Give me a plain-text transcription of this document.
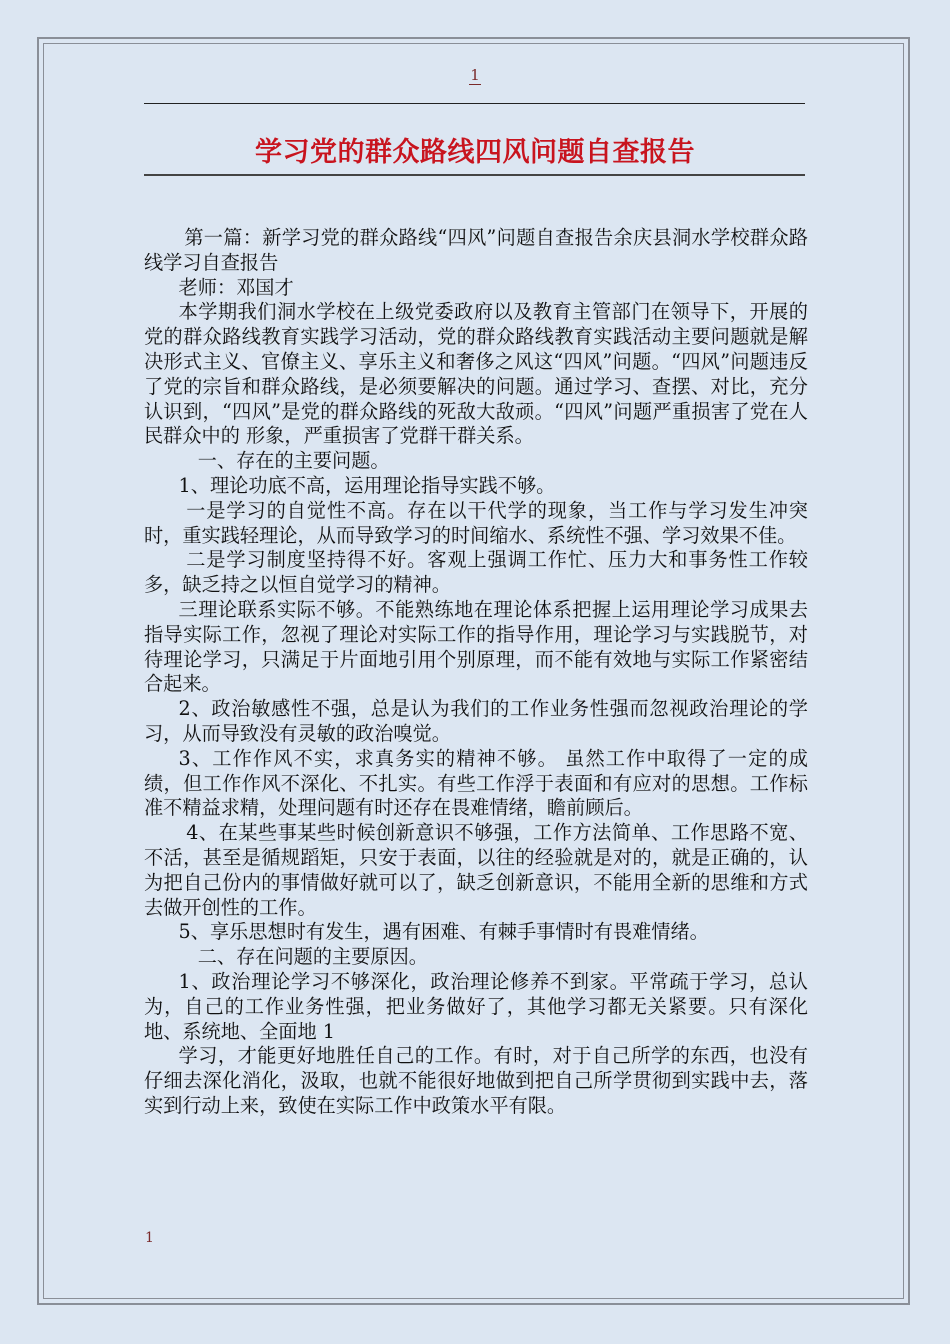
1
学习党的群众路线四风问题自查报告

第一篇：新学习党的群众路线“四风”问题自查报告余庆县洞水学校群众路线学习自查报告

老师：邓国才

本学期我们洞水学校在上级党委政府以及教育主管部门在领导下，开展的党的群众路线教育实践学习活动，党的群众路线教育实践活动主要问题就是解决形式主义、官僚主义、享乐主义和奢侈之风这“四风”问题。“四风”问题违反了党的宗旨和群众路线，是必须要解决的问题。通过学习、查摆、对比，充分认识到，“四风”是党的群众路线的死敌大敌顽。“四风”问题严重损害了党在人民群众中的 形象，严重损害了党群干群关系。

一、存在的主要问题。

1、理论功底不高，运用理论指导实践不够。

一是学习的自觉性不高。存在以干代学的现象，当工作与学习发生冲突时，重实践轻理论，从而导致学习的时间缩水、系统性不强、学习效果不佳。

二是学习制度坚持得不好。客观上强调工作忙、压力大和事务性工作较多，缺乏持之以恒自觉学习的精神。

三理论联系实际不够。不能熟练地在理论体系把握上运用理论学习成果去指导实际工作，忽视了理论对实际工作的指导作用，理论学习与实践脱节，对待理论学习，只满足于片面地引用个别原理，而不能有效地与实际工作紧密结合起来。

2、政治敏感性不强，总是认为我们的工作业务性强而忽视政治理论的学习，从而导致没有灵敏的政治嗅觉。

3、工作作风不实，求真务实的精神不够。 虽然工作中取得了一定的成绩，但工作作风不深化、不扎实。有些工作浮于表面和有应对的思想。工作标准不精益求精，处理问题有时还存在畏难情绪，瞻前顾后。

4、在某些事某些时候创新意识不够强，工作方法简单、工作思路不宽、不活，甚至是循规蹈矩，只安于表面，以往的经验就是对的，就是正确的，认为把自己份内的事情做好就可以了，缺乏创新意识，不能用全新的思维和方式去做开创性的工作。

5、享乐思想时有发生，遇有困难、有棘手事情时有畏难情绪。

二、存在问题的主要原因。

1、政治理论学习不够深化，政治理论修养不到家。平常疏于学习，总认为，自己的工作业务性强，把业务做好了，其他学习都无关紧要。只有深化地、系统地、全面地 1

学习，才能更好地胜任自己的工作。有时，对于自己所学的东西，也没有仔细去深化消化，汲取，也就不能很好地做到把自己所学贯彻到实践中去，落实到行动上来，致使在实际工作中政策水平有限。

1
